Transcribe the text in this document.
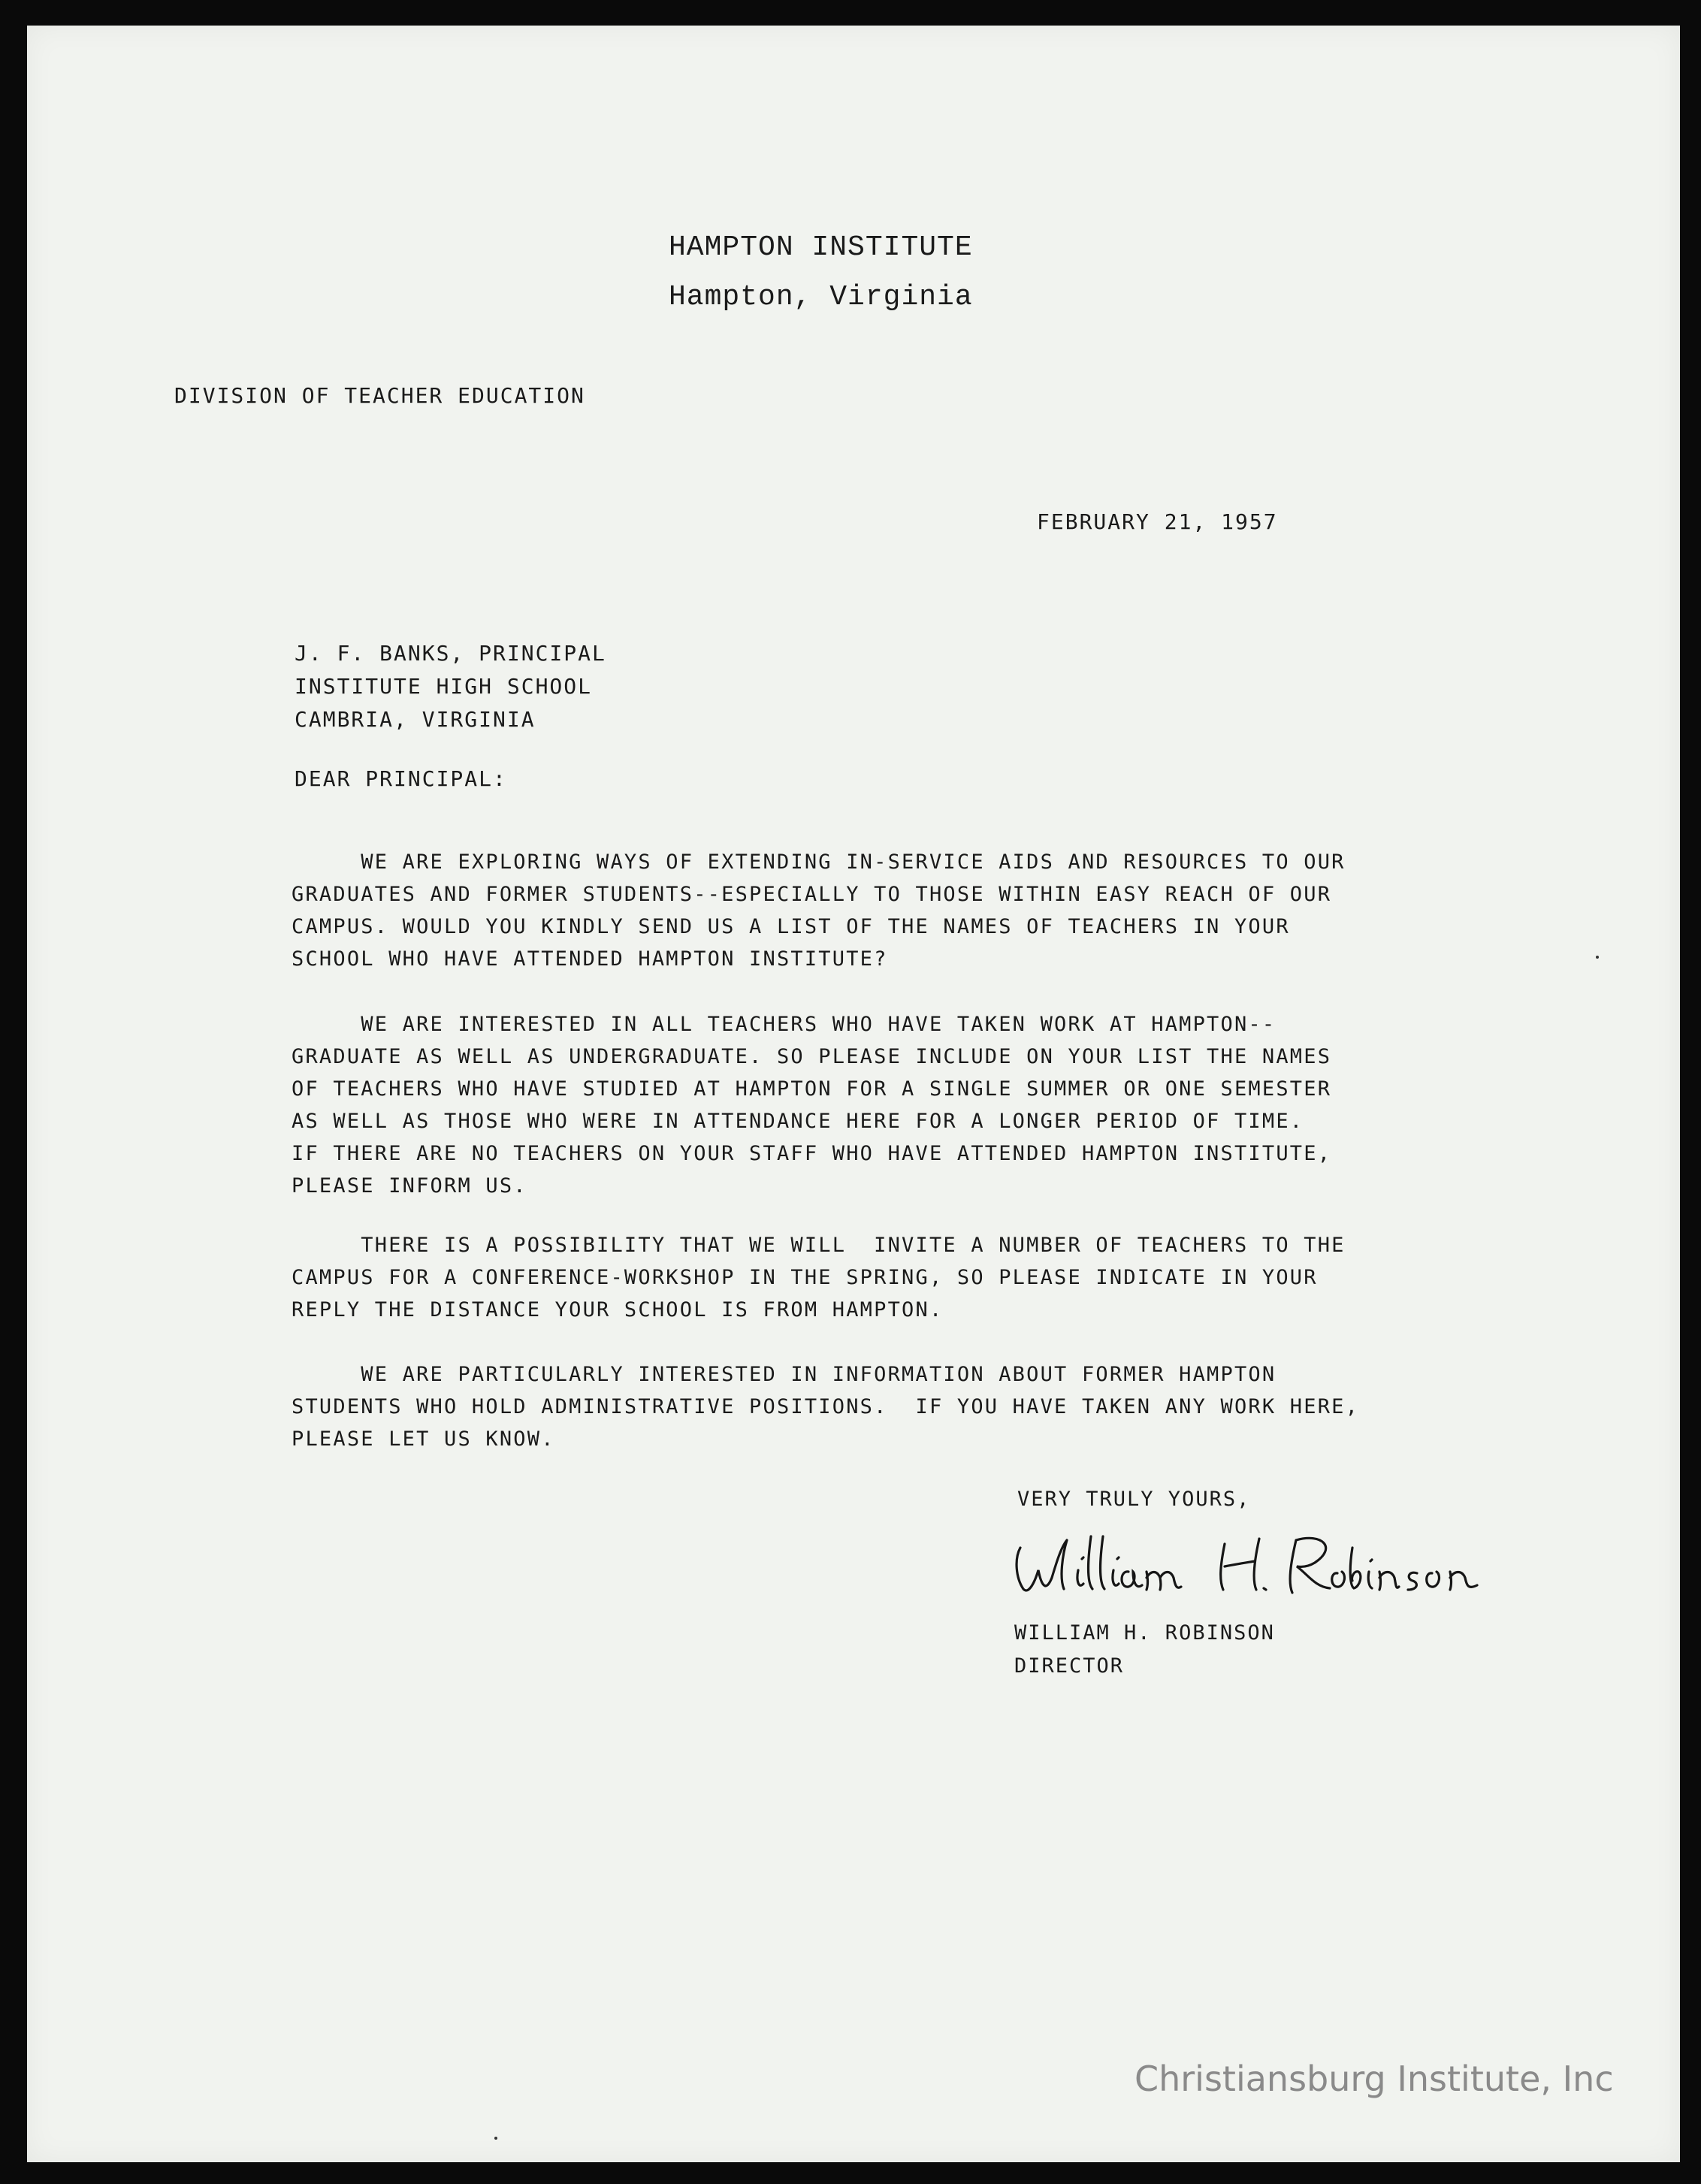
HAMPTON INSTITUTE
Hampton, Virginia
DIVISION OF TEACHER EDUCATION
FEBRUARY 21, 1957
J. F. BANKS, PRINCIPAL
INSTITUTE HIGH SCHOOL
CAMBRIA, VIRGINIA
DEAR PRINCIPAL:
WE ARE EXPLORING WAYS OF EXTENDING IN-SERVICE AIDS AND RESOURCES TO OUR
GRADUATES AND FORMER STUDENTS--ESPECIALLY TO THOSE WITHIN EASY REACH OF OUR
CAMPUS. WOULD YOU KINDLY SEND US A LIST OF THE NAMES OF TEACHERS IN YOUR
SCHOOL WHO HAVE ATTENDED HAMPTON INSTITUTE?
WE ARE INTERESTED IN ALL TEACHERS WHO HAVE TAKEN WORK AT HAMPTON--
GRADUATE AS WELL AS UNDERGRADUATE. SO PLEASE INCLUDE ON YOUR LIST THE NAMES
OF TEACHERS WHO HAVE STUDIED AT HAMPTON FOR A SINGLE SUMMER OR ONE SEMESTER
AS WELL AS THOSE WHO WERE IN ATTENDANCE HERE FOR A LONGER PERIOD OF TIME.
IF THERE ARE NO TEACHERS ON YOUR STAFF WHO HAVE ATTENDED HAMPTON INSTITUTE,
PLEASE INFORM US.
THERE IS A POSSIBILITY THAT WE WILL  INVITE A NUMBER OF TEACHERS TO THE
CAMPUS FOR A CONFERENCE-WORKSHOP IN THE SPRING, SO PLEASE INDICATE IN YOUR
REPLY THE DISTANCE YOUR SCHOOL IS FROM HAMPTON.
WE ARE PARTICULARLY INTERESTED IN INFORMATION ABOUT FORMER HAMPTON
STUDENTS WHO HOLD ADMINISTRATIVE POSITIONS.  IF YOU HAVE TAKEN ANY WORK HERE,
PLEASE LET US KNOW.
VERY TRULY YOURS,
WILLIAM H. ROBINSON
DIRECTOR
Christiansburg Institute, Inc
